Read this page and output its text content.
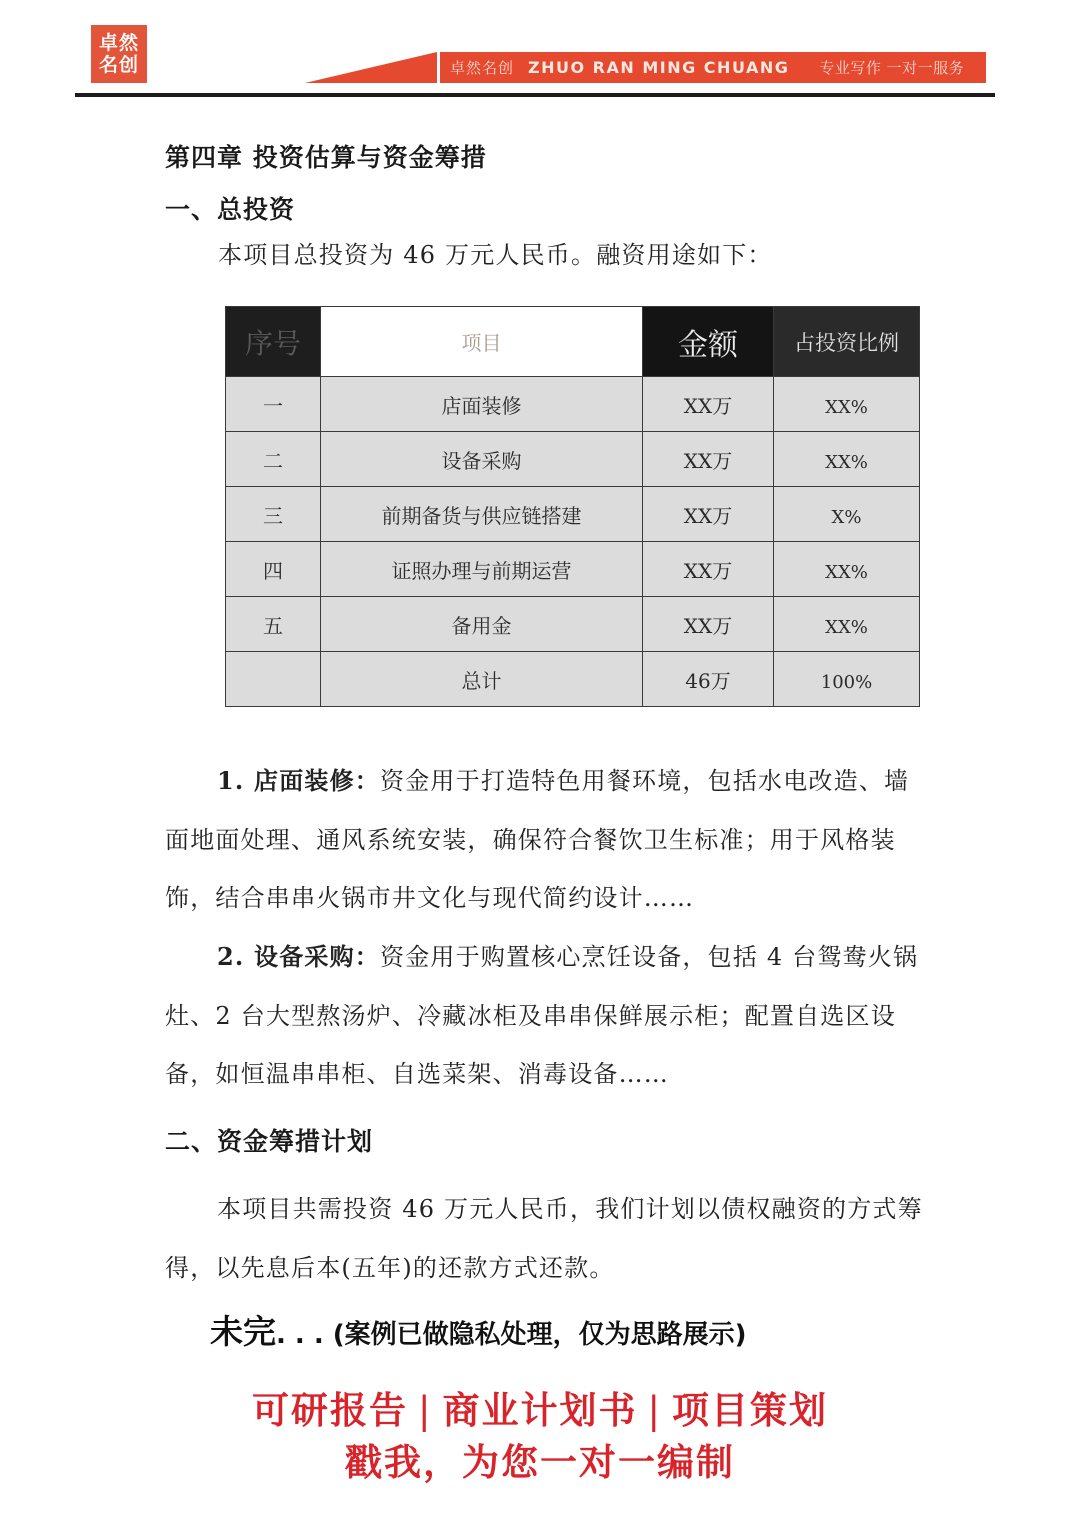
卓然
名创	卓然名创 ZHUO RAN MING CHUANG 专业写作 一对一服务
第四章 投资估算与资金筹措
一、总投资
本项目总投资为 46 万元人民币。融资用途如下：
序号	项目	金额	占投资比例
一	店面装修	XX万	XX%
二	设备采购	XX万	XX%
三	前期备货与供应链搭建	XX万	X%
四	证照办理与前期运营	XX万	XX%
五	备用金	XX万	XX%
	总计	46万	100%
1. 店面装修：资金用于打造特色用餐环境，包括水电改造、墙面地面处理、通风系统安装，确保符合餐饮卫生标准；用于风格装饰，结合串串火锅市井文化与现代简约设计……
2. 设备采购：资金用于购置核心烹饪设备，包括 4 台鸳鸯火锅灶、2 台大型熬汤炉、冷藏冰柜及串串保鲜展示柜；配置自选区设备，如恒温串串柜、自选菜架、消毒设备……
二、资金筹措计划
本项目共需投资 46 万元人民币，我们计划以债权融资的方式筹得，以先息后本(五年)的还款方式还款。
未完. . . (案例已做隐私处理，仅为思路展示)
可研报告 | 商业计划书 | 项目策划
戳我，为您一对一编制
